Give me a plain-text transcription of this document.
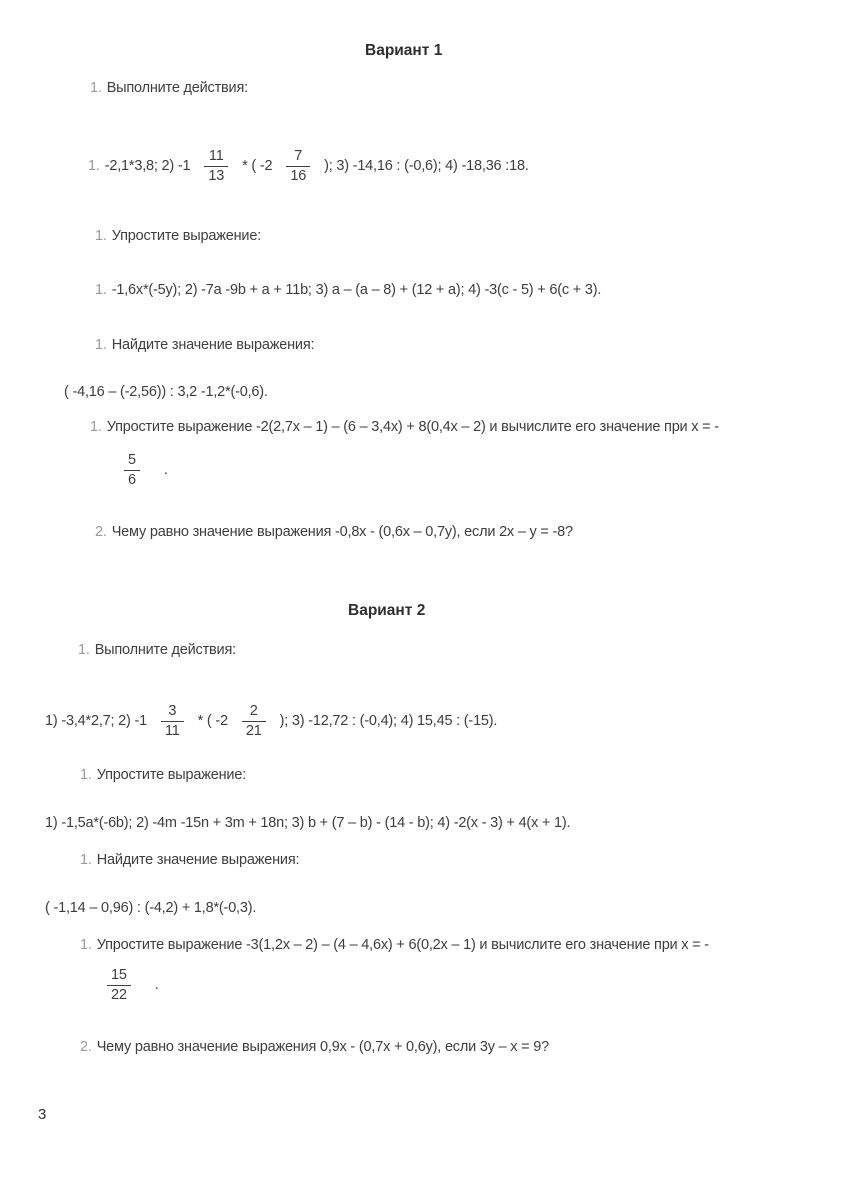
Вариант 1
1. Выполните действия:
1. -2,1*3,8; 2) $-1 \frac{11}{13}$ * ( $-2 \frac{7}{16}$ ); 3) -14,16 : (-0,6); 4) -18,36 :18.
1. Упростите выражение:
1. -1,6x*(-5y); 2) -7a -9b + a + 11b; 3) a – (a – 8) + (12 + a); 4) -3(c - 5) + 6(c + 3).
1. Найдите значение выражения:
( -4,16 – (-2,56)) : 3,2 -1,2*(-0,6).
1. Упростите выражение -2(2,7x – 1) – (6 – 3,4x) + 8(0,4x – 2) и вычислите его значение при x = -
$\frac{5}{6}$ .
2. Чему равно значение выражения -0,8x - (0,6x – 0,7y), если 2x – y = -8?
Вариант 2
1. Выполните действия:
1) -3,4*2,7; 2) $-1 \frac{3}{11}$ * ( $-2 \frac{2}{21}$ ); 3) -12,72 : (-0,4); 4) 15,45 : (-15).
1. Упростите выражение:
1) -1,5a*(-6b); 2) -4m -15n + 3m + 18n; 3) b + (7 – b) - (14 - b); 4) -2(x - 3) + 4(x + 1).
1. Найдите значение выражения:
( -1,14 – 0,96) : (-4,2) + 1,8*(-0,3).
1. Упростите выражение -3(1,2x – 2) – (4 – 4,6x) + 6(0,2x – 1) и вычислите его значение при x = -
$\frac{15}{22}$ .
2. Чему равно значение выражения 0,9x - (0,7x + 0,6y), если 3y – x = 9?
3
